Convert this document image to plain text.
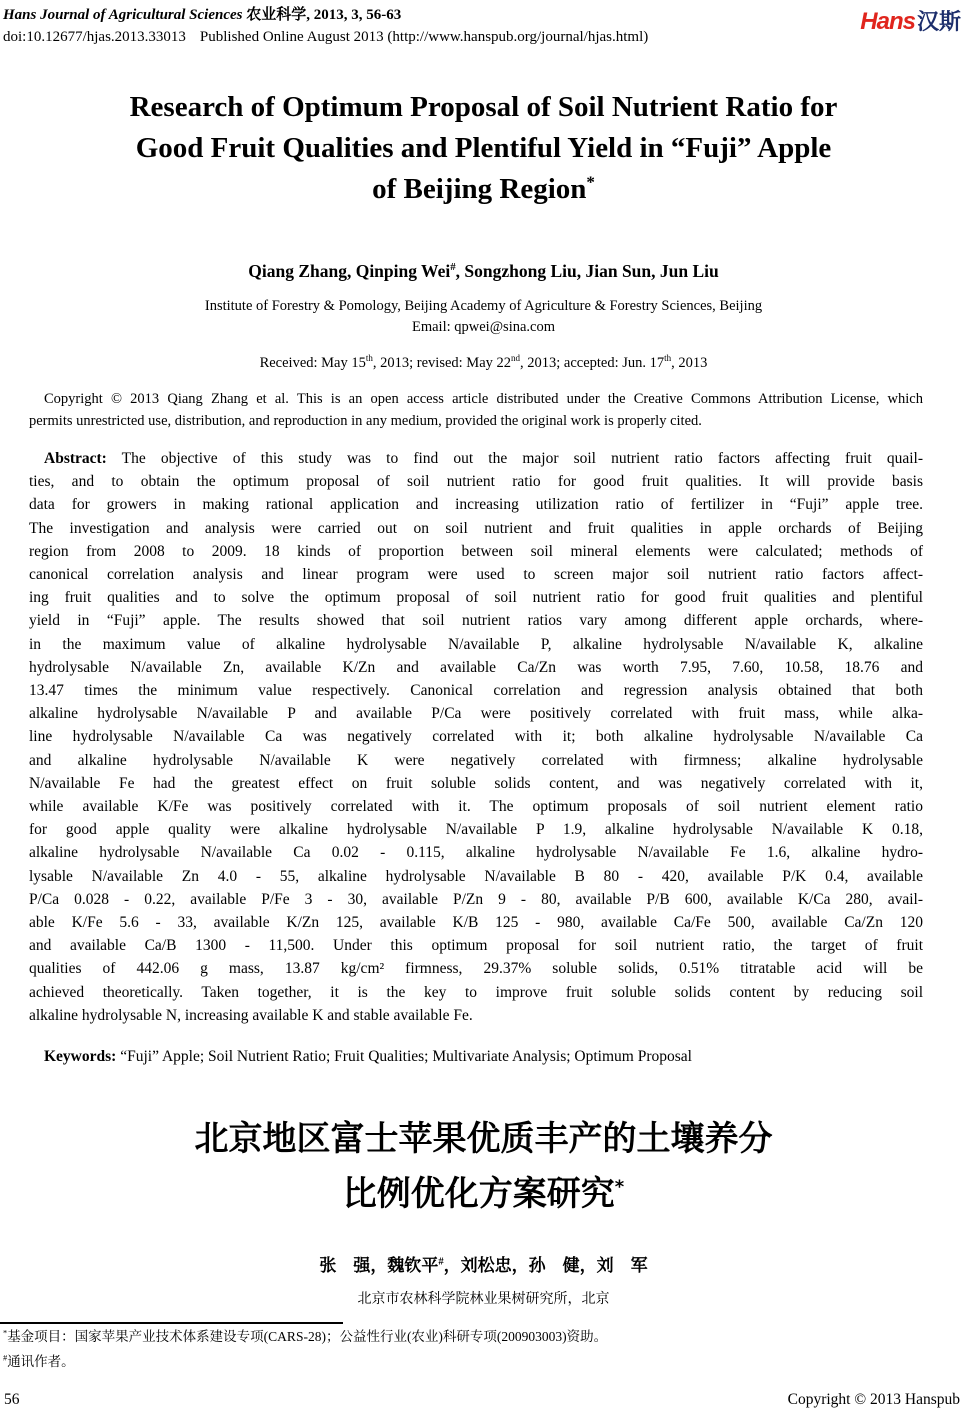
Hans Journal of Agricultural Sciences 农业科学, 2013, 3, 56-63
doi:10.12677/hjas.2013.33013 Published Online August 2013 (http://www.hanspub.org/journal/hjas.html)
Hans汉斯
Research of Optimum Proposal of Soil Nutrient Ratio for
Good Fruit Qualities and Plentiful Yield in “Fuji” Apple
of Beijing Region*
Qiang Zhang, Qinping Wei#, Songzhong Liu, Jian Sun, Jun Liu
Institute of Forestry & Pomology, Beijing Academy of Agriculture & Forestry Sciences, Beijing
Email: qpwei@sina.com
Received: May 15th, 2013; revised: May 22nd, 2013; accepted: Jun. 17th, 2013
Copyright © 2013 Qiang Zhang et al. This is an open access article distributed under the Creative Commons Attribution License, which
permits unrestricted use, distribution, and reproduction in any medium, provided the original work is properly cited.
Abstract: The objective of this study was to find out the major soil nutrient ratio factors affecting fruit quail-
ties, and to obtain the optimum proposal of soil nutrient ratio for good fruit qualities. It will provide basis
data for growers in making rational application and increasing utilization ratio of fertilizer in “Fuji” apple tree.
The investigation and analysis were carried out on soil nutrient and fruit qualities in apple orchards of Beijing
region from 2008 to 2009. 18 kinds of proportion between soil mineral elements were calculated; methods of
canonical correlation analysis and linear program were used to screen major soil nutrient ratio factors affect-
ing fruit qualities and to solve the optimum proposal of soil nutrient ratio for good fruit qualities and plentiful
yield in “Fuji” apple. The results showed that soil nutrient ratios vary among different apple orchards, where-
in the maximum value of alkaline hydrolysable N/available P, alkaline hydrolysable N/available K, alkaline
hydrolysable N/available Zn, available K/Zn and available Ca/Zn was worth 7.95, 7.60, 10.58, 18.76 and
13.47 times the minimum value respectively. Canonical correlation and regression analysis obtained that both
alkaline hydrolysable N/available P and available P/Ca were positively correlated with fruit mass, while alka-
line hydrolysable N/available Ca was negatively correlated with it; both alkaline hydrolysable N/available Ca
and alkaline hydrolysable N/available K were negatively correlated with firmness; alkaline hydrolysable
N/available Fe had the greatest effect on fruit soluble solids content, and was negatively correlated with it,
while available K/Fe was positively correlated with it. The optimum proposals of soil nutrient element ratio
for good apple quality were alkaline hydrolysable N/available P 1.9, alkaline hydrolysable N/available K 0.18,
alkaline hydrolysable N/available Ca 0.02 - 0.115, alkaline hydrolysable N/available Fe 1.6, alkaline hydro-
lysable N/available Zn 4.0 - 55, alkaline hydrolysable N/available B 80 - 420, available P/K 0.4, available
P/Ca 0.028 - 0.22, available P/Fe 3 - 30, available P/Zn 9 - 80, available P/B 600, available K/Ca 280, avail-
able K/Fe 5.6 - 33, available K/Zn 125, available K/B 125 - 980, available Ca/Fe 500, available Ca/Zn 120
and available Ca/B 1300 - 11,500. Under this optimum proposal for soil nutrient ratio, the target of fruit
qualities of 442.06 g mass, 13.87 kg/cm² firmness, 29.37% soluble solids, 0.51% titratable acid will be
achieved theoretically. Taken together, it is the key to improve fruit soluble solids content by reducing soil
alkaline hydrolysable N, increasing available K and stable available Fe.
Keywords: “Fuji” Apple; Soil Nutrient Ratio; Fruit Qualities; Multivariate Analysis; Optimum Proposal
北京地区富士苹果优质丰产的土壤养分
比例优化方案研究*
张　强，魏钦平#，刘松忠，孙　健，刘　军
北京市农林科学院林业果树研究所，北京
*基金项目：国家苹果产业技术体系建设专项(CARS-28)；公益性行业(农业)科研专项(200903003)资助。
#通讯作者。
56	Copyright © 2013 Hanspub
